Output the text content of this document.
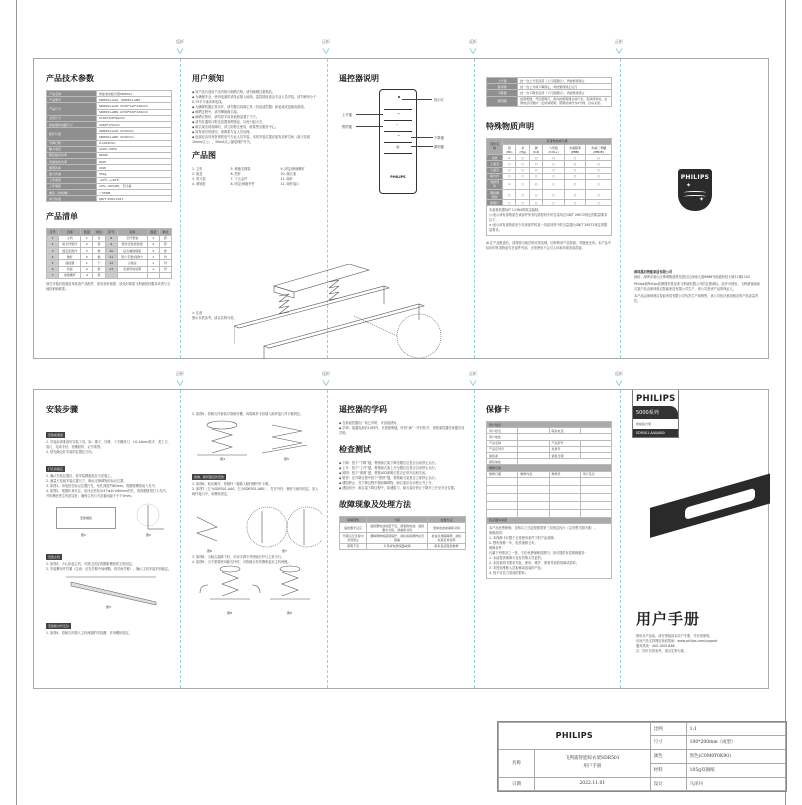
反折	正折	反折	正折
产品技术参数
产品名称	智能电动晾衣架SDR501
产品型号	SDR501-AA0、SDR501-AB0
产品尺寸	SDR501-AA0: 2130*110*120mm
	SDR501-AB0: 2230*520*120mm
主机尺寸	1184*316*62mm
智能模块电路尺寸	1064*170mm
晾杆长度	SDR501-AA0: 2130mm
	SDR501-AB0: 2230mm
升降行程	0-1020mm
输入电压	220V~50Hz
额定输出功率	560W
风速电机功率	60W
照明功率	20W
最大负重	35kg
工作温度	-10℃~+40℃
工作湿度	10%~90%RH，无冷凝
噪音（待机噪）	＜55DB
执行标准	QB/T 5202-2017
产品清单
序号	名称	数量	单位	序号	名称	数量	单位
1	主机	1	台	8	空杆套装	1	套
2	晾衣杆组件	2	套	9	配件安装套装组	2	套
3	固定座组件	2	根	10	钻孔辅助模板	4	套
4	侧杆	2	根	11	用户手册/保修卡	1	份
5	遥控器	1	个	12	合格证	1	份
6	挡板	2	套	13	安装用电说明	1	份
7	加强横杆	4	套				

请在开箱后按照清单检查产品配件，如发现有缺损、请及时联系飞利浦授权服务或者与当地经销商联系。

用户须知

◆ 该产品仅适用于室内阳台晾晒衣物，请勿晾晒过重物品。

◆ 为确保安全，使用电源时请务必插入地线，监控插座请由专业人员安装，请勿使用小于0.75平方毫米的电线。

◆ 为确保机器正常运作，请勿擅自拆卸主机（包括遥控器）和更改或更换电源线。

◆ 晾晒过程中，请勿攀爬晾衣架。

◆ 晾晒衣物时，请勿将手或其他物品置于下方。

◆ 请勿在通风口附近放置易燃物品，以免引起火灾。

◆ 晾衣架出现故障时，请立即停止使用，联系售后服务中心。

◆ 如发现异常情况，请联系专业人员处理。

◆ 电源应由具有资格的电气专业人员安装，本机安装位置应留有足够空间（离天花板10mm以上），30mA以上漏电保护开关。

产品图
1. 主机	5. 伸缩支撑架	9. 固定/伸缩螺钉
2. 面盖	6. 挡杆	10. 晾衣架
3. 剪刀架	7. 下五金件	11. 晾杆
4. 滑轮组	8. 固定/伸缩杆件	12. 晾杆接口
⚠ 注意
图示仅供参考，请以实物为准。
遥控器说明
⌃
–
⌄
◎
PHILIPS
指示灯
上升键
暂停键
下降键
照明键
上升键	按一次上升至顶部（上行程限位），再按暂停停止
暂停键	按一次上升或下降停止，再按暂停停止运行
下降键	按一次下降至底部（下行程限位），再按暂停停止
照明键	按照明键，开启照明灯，再次按照明键关闭灯光。夜间使用时，在断电后可维持一定时间照明；照明时间约为2分钟，自动关闭。
特殊物质声明
部件名称	有害物质或元素					
	铅(Pb)	汞(Hg)	镉(Cd)	六价铬(Cr6+)	多溴联苯(PBB)	多溴二苯醚(PBDE)
电机	×	○	○	○	○	○
上盖壳	○	○	○	○	○	○
下盖壳	○	○	○	○	○	○
晾衣杆	○	○	○	○	○	○
电控部件	×	○	○	○	○	○
钢丝绳组件	○	○	○	○	○	○
照明灯	○	○	○	○	○	○
本表格依据SJ/T 11364的规定编制。
○:表示该有害物质在该部件所有均质材料中的含量均在GB/T 26572规定的限量要求以下。
×:表示该有害物质至少在该部件的某一均质材料中的含量超出GB/T 26572规定的限量要求。

♻ 在产品报废后，请按照当地法规妥善处理，回收利用产品资源，勿随意丢弃。本产品中标识的有害物质仅在部件内部，正常使用不会对人体和环境造成损害。

PHILIPS
✦
✦
深圳晨启智能家居有限公司
地址：深圳市南山区粤海街道科技园社区深南大道9966号威盛科技大厦11楼1102
Philips和Philips盾牌图形是皇家飞利浦有限公司的注册商标，经许可使用。飞利浦智能晾衣架产品由深圳晨启智能家居有限公司生产，该公司是该产品的保证人。
本产品由深圳晨启智能家居有限公司负责生产和销售，该公司依法承担相应的产品质量责任。
正折	反折	正折	反折
安装步骤
安装前准备

1. 安装前请准备好安装工具，如：梯子、钉锤、十字螺丝刀、10-14mm扳手、美工刀、卷尺、电动手钻、铅锤胶带、记号笔等。

2. 预先确定好安装的位置及方向。

打孔和固定

1. 确认安装位置后，将安装模板贴在天花板上。

2. 测量天花板安装位置尺寸，确认无障碍物后标记位置。

3. 如图1，用电钻在标记位置打孔，钻孔深度约60mm，将膨胀螺栓装入孔中。

4. 如图2，根据机身孔位，用冲击钻钻出4个φ10×60mm的孔，再将膨胀管打入孔内，并用螺丝把主机固定好，确保主机与天花板间距不小于5mm。

安装模板
图1	图2
安装主机

1. 如图3，小心抬起主机，对准已固定的膨胀螺栓将主机固定。

2. 安装螺母并拧紧（注意：应先拧紧中间两颗，再对角拧紧），确认主机安装牢固稳定。

图3
安装晾衣杆定位

1. 如图4，将晾衣杆插入主机两端的安装槽，并用螺丝固定。

2. 如图5，将晾衣杆套装对准晾杆槽，再将晾杆卡扣插入晾杆接口并卡紧到位。

图4	图5
收纳、晾杆固定和安装

1. 如图6，取出侧杆，将侧杆一端插入晾杆槽内并卡紧。

2. 如图7（左为SDR501-AA0，右为SDR501-AB0），打开外杆，侧杆与晾杆固定，放入晾杆接口中，用螺丝固定。

图6	图7

3. 如图8，当晾衣架降下时，可用手调节并使晾衣杆与主机平行。

4. 如图9，当不需要使用晾衣杆时，可将晾衣杆折叠收起至主机两侧。

图8	图9
遥控器的学码

◆ 在新遥控器出厂前已对码，可直接使用。

◆ 学码：接通电源后10秒内，长按照明键，听到“滴”一声后松开，再按遥控器任意键完成学码。

检查测试

◆ 下降：按下“下降”键，观察晾衣架下降至限位后是否自动停止运行。

◆ 上升：按下“上升”键，观察晾衣架上升至限位后是否自动停止运行。

◆ 照明：按下“照明”键，观察LED照明灯是否正常开启和关闭。

◆ 暂停：在升降过程中按下“暂停”键，观察晾衣架是否立即停止运行。

◆ 遇阻停止：在下降过程中遇到障碍物，晾衣架应自动停止并上升。

◆ 遇阻回升：晾衣架下降过程中，如遇阻力，晾衣架应停止下降并上升至安全位置。

故障现象及处理方法
故障现象	分析	处理方法
遥控器无反应	遥控器电池电量不足，请更换电池；遥控器未对码，请重新对码	更换电池或重新对码
升降运行过程中突然停止	遇障碍物或超载保护，请检查晾晒物是否超重	检查并排除障碍，减轻负载后再使用
照明不亮	灯具或电源线路故障	联系售后服务维修
保修卡
用户信息			
用户姓名		联系电话	
用户地址			
产品名称		产品型号	
产品序列号		发票号	
销售商		销售日期	
销售地址			
维修记录			
维修日期	维修内容	维修员	用户签名

售后服务承诺			

本产品免费保修，自购买之日起按照国家三包规定执行（以发票日期为准）。
保修范围：
1. 本保修卡仅限于正常使用条件下的产品故障。
2. 整机保修一年，电机保修五年。
保修条件：
凡属下列情况之一者，不在免费保修范围内，但可提供有偿维修服务：
1. 未能提供保修卡及有效购买凭证的；
2. 未按说明书要求安装、使用、维护、保管导致的故障或损坏；
3. 非授权维修人员拆修或改装的产品；
4. 因不可抗力造成的损坏。
PHILIPS
5000系列
智能晾衣架
SDR501-AA0/AB0
用户手册
使用本产品前，请仔细阅读本用户手册，并妥善保管。
访问产品支持网站获取帮助：www.philips.com/support
服务热线：400-1005-866
注：图片仅供参考，请以实物为准。
PHILIPS		比例	1:1
		尺寸	100*200mm（成型）
名称	飞利浦智能晾衣架SDR501
用户手册	颜色	黑色(C0M0Y0K90)
		材料	105g双铜纸
日期	2022.11.01	设计	马泽丹
